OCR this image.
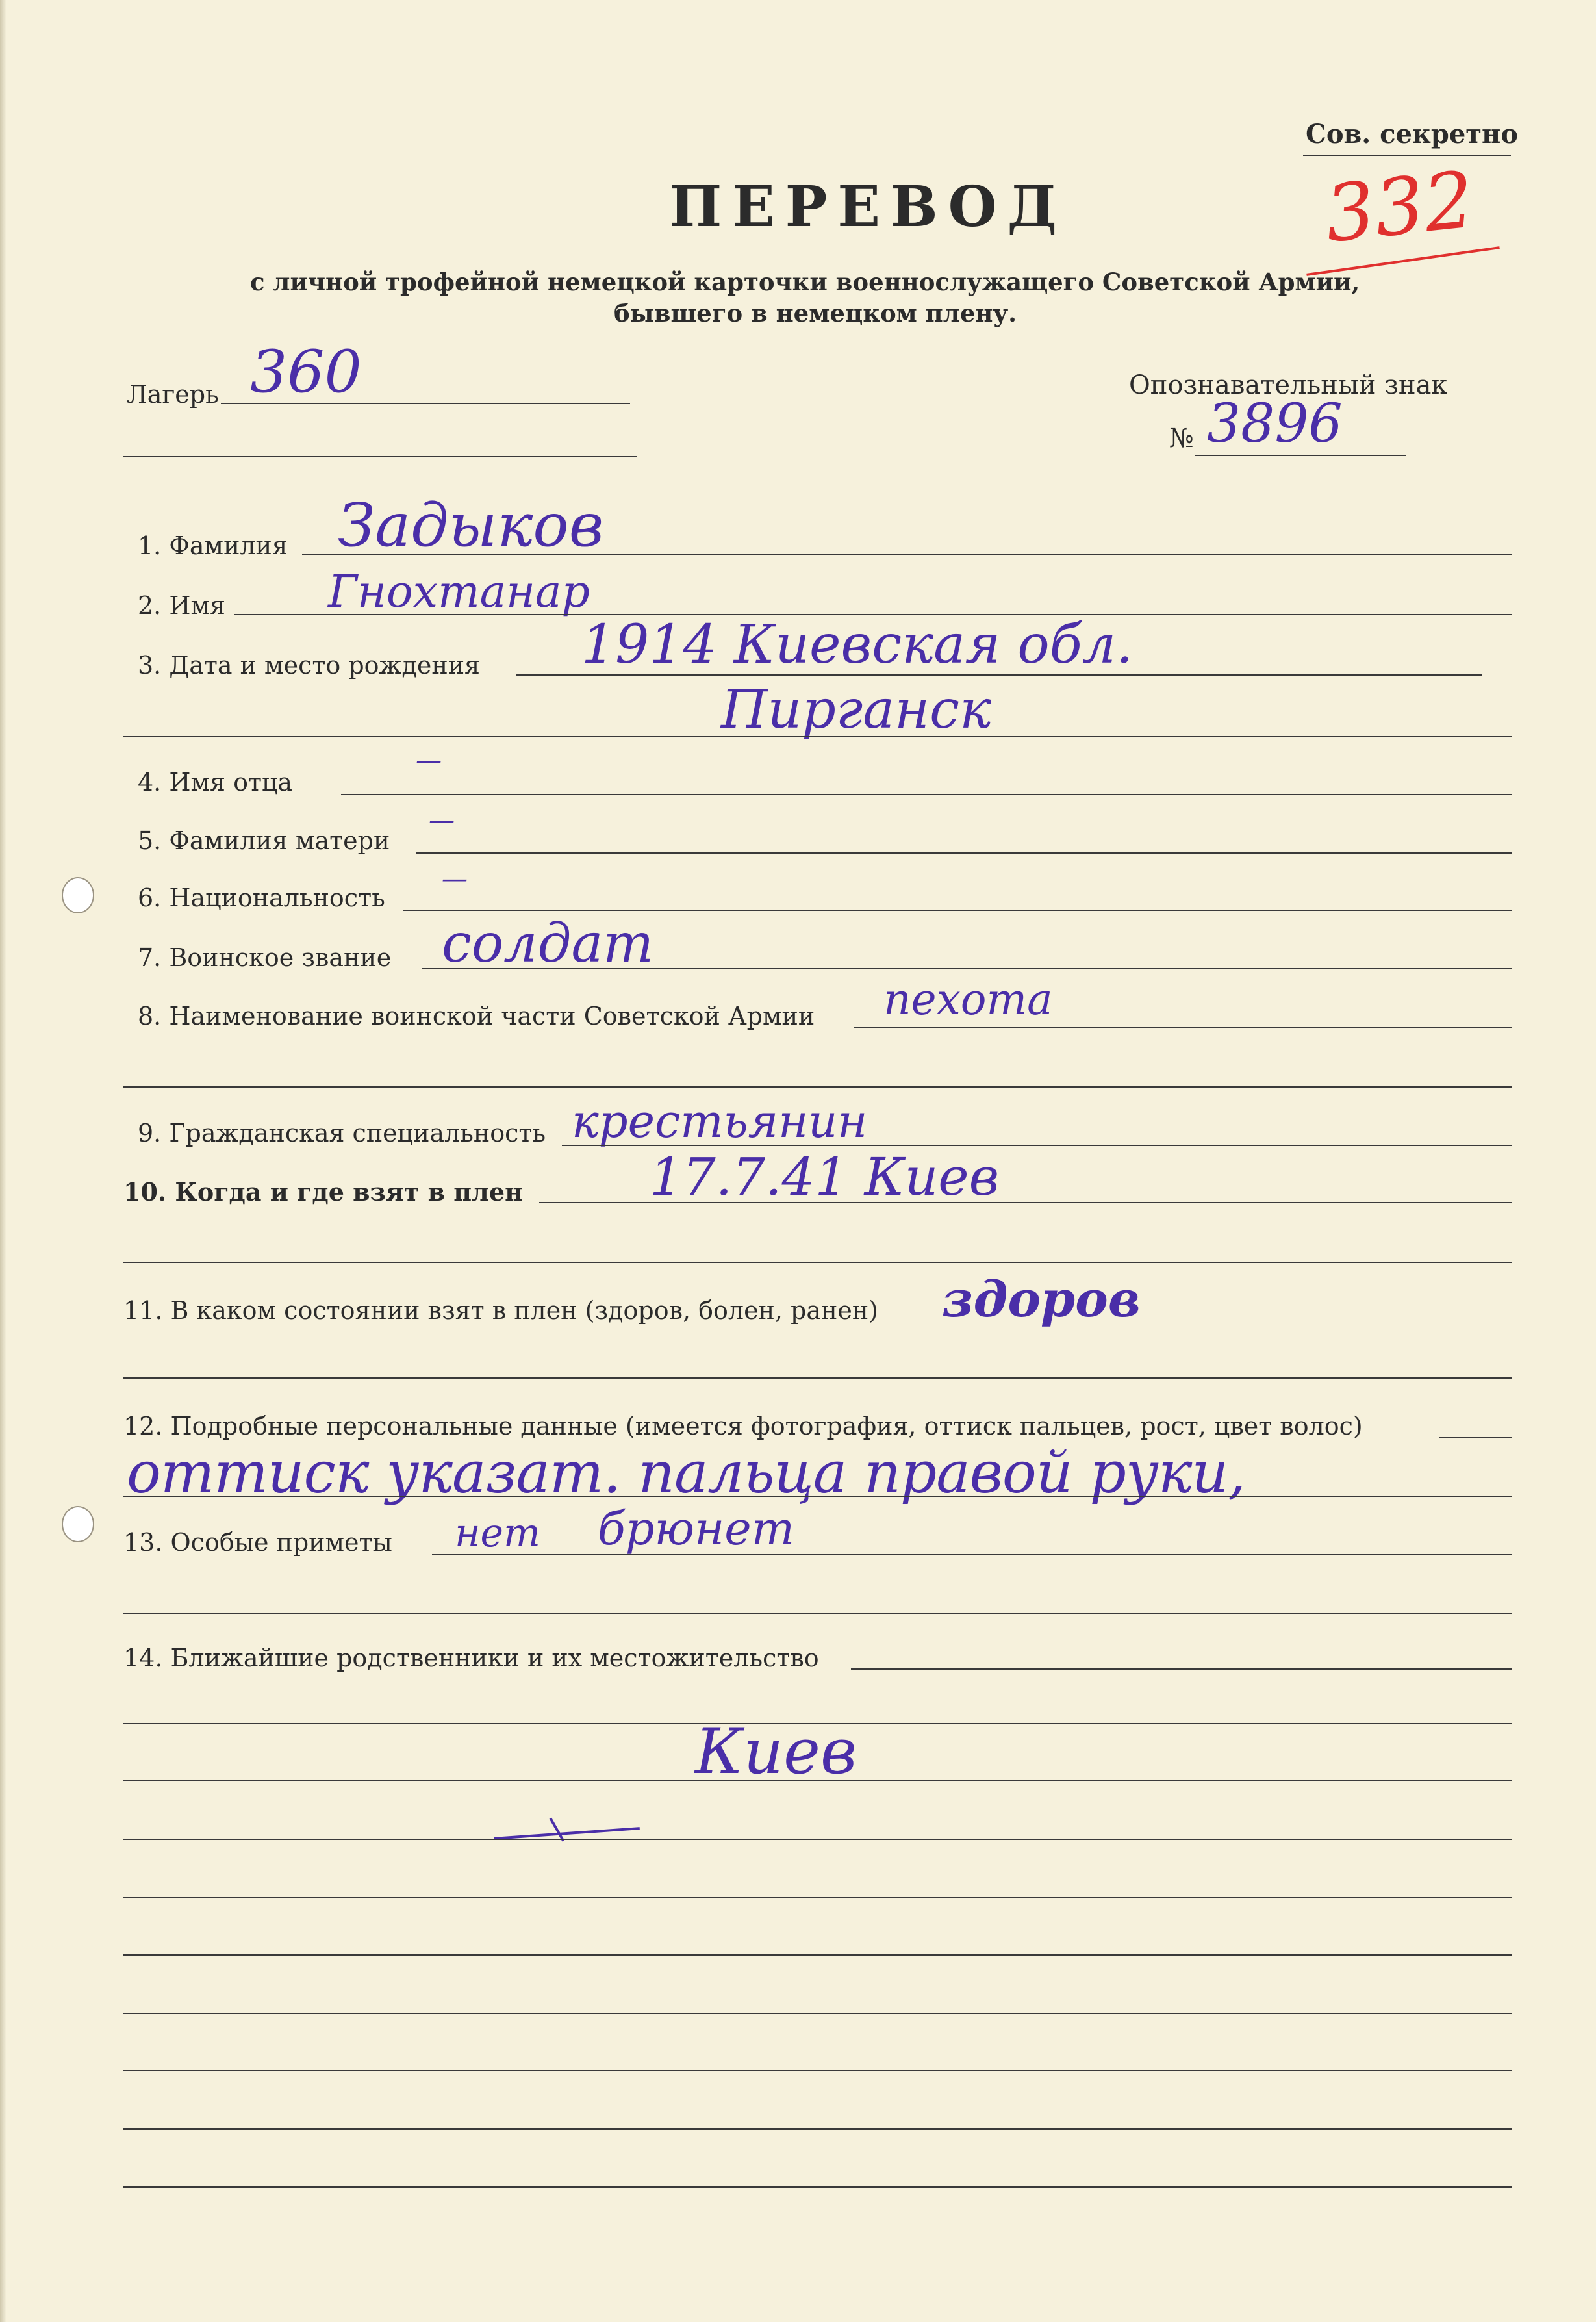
Сов. секретно
332
ПЕРЕВОД
с личной трофейной немецкой карточки военнослужащего Советской Армии,
бывшего в немецком плену.
Лагерь 360	Опознавательный знак
№ 3896
1. Фамилия Задыков
2. Имя Гнохтанар
3. Дата и место рождения 1914 Киевская обл.
Пирганск
4. Имя отца
—
5. Фамилия матери
—
6. Национальность
—
7. Воинское звание солдат
8. Наименование воинской части Советской Армии пехота
9. Гражданская специальность крестьянин
10. Когда и где взят в плен 17.7.41 Киев
11. В каком состоянии взят в плен (здоров, болен, ранен) здоров
12. Подробные персональные данные (имеется фотография, оттиск пальцев, рост, цвет волос)
оттиск указат. пальца правой руки,
13. Особые приметы нет брюнет
14. Ближайшие родственники и их местожительство
Киев
